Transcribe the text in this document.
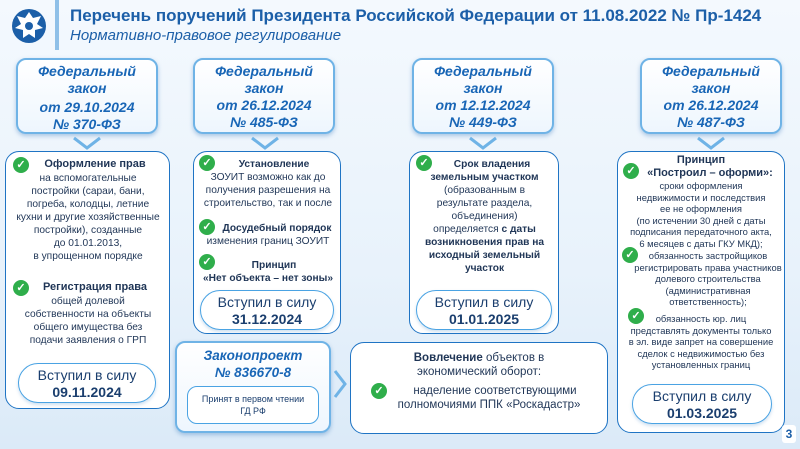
Перечень поручений Президента Российской Федерации от 11.08.2022 № Пр-1424
Нормативно-правовое регулирование
Федеральный
закон
от 29.10.2024
№ 370-ФЗ
Федеральный
закон
от 26.12.2024
№ 485-ФЗ
Федеральный
закон
от 12.12.2024
№ 449-ФЗ
Федеральный
закон
от 26.12.2024
№ 487-ФЗ
✓	Оформление прав
на вспомогательные
постройки (сараи, бани,
погреба, колодцы, летние
кухни и другие хозяйственные
постройки), созданные
до 01.01.2013,
в упрощенном порядке
✓	Регистрация права
общей долевой
собственности на объекты
общего имущества без
подачи заявления о ГРП
Вступил в силу
09.11.2024
✓	Установление
ЗОУИТ возможно как до
получения разрешения на
строительство, так и после
✓	Досудебный порядок
изменения границ ЗОУИТ
✓	Принцип
«Нет объекта – нет зоны»
Вступил в силу
31.12.2024
✓	Срок владения
земельным участком
(образованным в
результате раздела,
объединения)
определяется с даты
возникновения прав на
исходный земельный
участок
Вступил в силу
01.01.2025
Принцип
✓	«Построил – оформи»:
сроки оформления
недвижимости и последствия
ее не оформления
(по истечении 30 дней с даты
подписания передаточного акта,
6 месяцев с даты ГКУ МКД);
✓	обязанность застройщиков
регистрировать права участников
долевого строительства
(административная
ответственность);
✓	обязанность юр. лиц
представлять документы только
в эл. виде запрет на совершение
сделок с недвижимостью без
установленных границ
Вступил в силу
01.03.2025
Законопроект
№ 836670-8
Принят в первом чтении
ГД РФ
Вовлечение объектов в
экономический оборот:
✓	наделение соответствующими
полномочиями ППК «Роскадастр»
3
